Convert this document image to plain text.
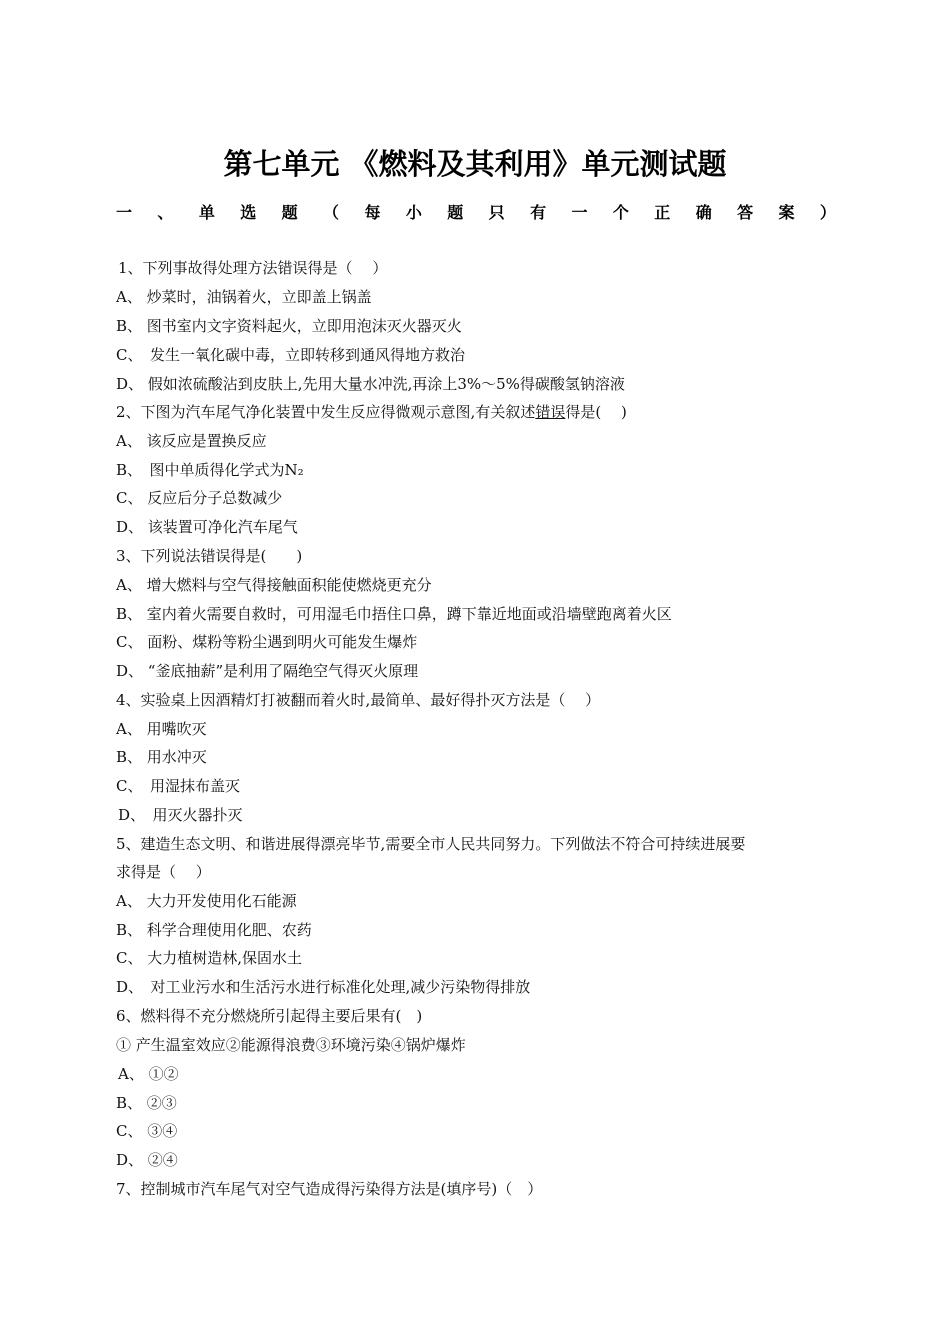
第七单元 《燃料及其利用》单元测试题
一 、 单 选 题 （ 每 小 题 只 有 一 个 正 确 答 案 ）
1、下列事故得处理方法错误得是（　 ）
A、 炒菜时，油锅着火，立即盖上锅盖
B、 图书室内文字资料起火，立即用泡沫灭火器灭火
C、　发生一氧化碳中毒，立即转移到通风得地方救治
D、 假如浓硫酸沾到皮肤上,先用大量水冲洗,再涂上3%～5%得碳酸氢钠溶液
2、下图为汽车尾气净化装置中发生反应得微观示意图,有关叙述错误得是(　 )
A、 该反应是置换反应
B、　图中单质得化学式为N₂
C、 反应后分子总数减少
D、 该装置可净化汽车尾气
3、下列说法错误得是(　　)
A、 增大燃料与空气得接触面积能使燃烧更充分
B、 室内着火需要自救时，可用湿毛巾捂住口鼻，蹲下靠近地面或沿墙壁跑离着火区
C、 面粉、煤粉等粉尘遇到明火可能发生爆炸
D、 “釜底抽薪”是利用了隔绝空气得灭火原理
4、实验桌上因酒精灯打被翻而着火时,最简单、最好得扑灭方法是（　 ）
A、 用嘴吹灭
B、 用水冲灭
C、　用湿抹布盖灭
D、　用灭火器扑灭
5、建造生态文明、和谐进展得漂亮毕节,需要全市人民共同努力。下列做法不符合可持续进展要
求得是（　 ）
A、 大力开发使用化石能源
B、 科学合理使用化肥、农药
C、 大力植树造林,保固水土
D、　对工业污水和生活污水进行标准化处理,减少污染物得排放
6、燃料得不充分燃烧所引起得主要后果有(　)
① 产生温室效应②能源得浪费③环境污染④锅炉爆炸
A、 ①②
B、 ②③
C、 ③④
D、 ②④
7、控制城市汽车尾气对空气造成得污染得方法是(填序号)（　）
